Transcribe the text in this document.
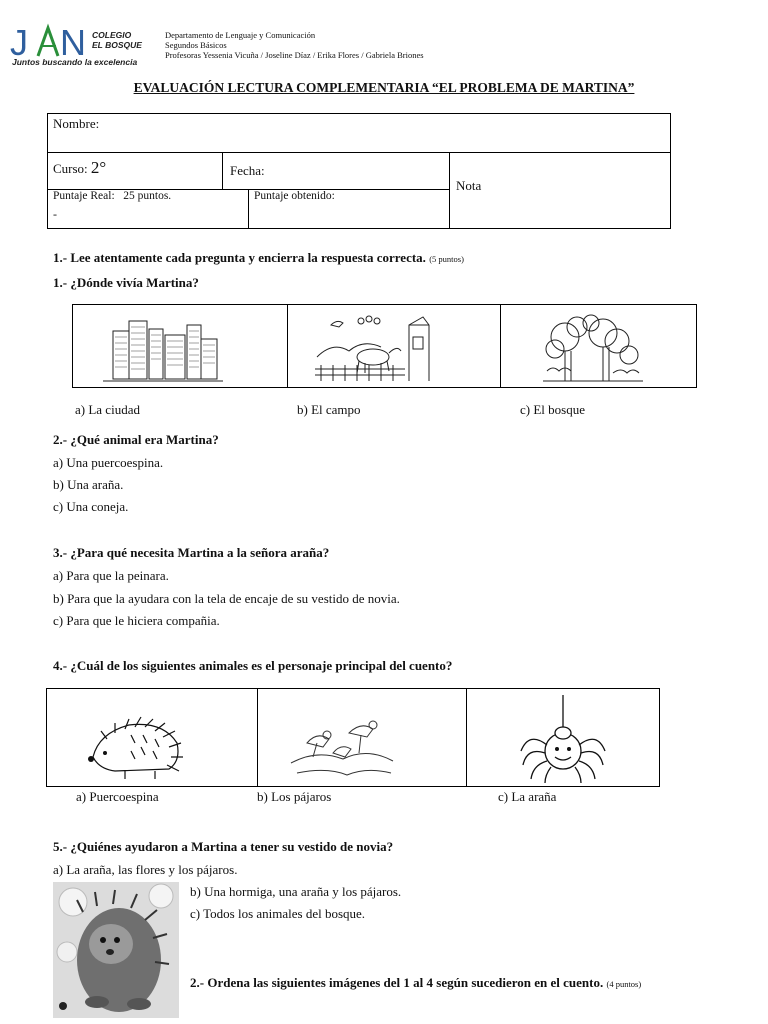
J N COLEGIO
EL BOSQUE
Juntos buscando la excelencia
Departamento de Lenguaje y Comunicación
Segundos Básicos
Profesoras Yessenia Vicuña / Joseline Díaz / Erika Flores / Gabriela Briones
EVALUACIÓN LECTURA COMPLEMENTARIA “EL PROBLEMA DE MARTINA”
Nombre:
Curso: 2°	Fecha:
Nota
Puntaje Real: 25 puntos.
-
Puntaje obtenido:
1.- Lee atentamente cada pregunta y encierra la respuesta correcta. (5 puntos)
1.- ¿Dónde vivía Martina?
a) La ciudad	b) El campo	c) El bosque
2.- ¿Qué animal era Martina?
a) Una puercoespina.
b) Una araña.
c) Una coneja.
3.- ¿Para qué necesita Martina a la señora araña?
a) Para que la peinara.
b) Para que la ayudara con la tela de encaje de su vestido de novia.
c) Para que le hiciera compañia.
4.- ¿Cuál de los siguientes animales es el personaje principal del cuento?
a) Puercoespina	b) Los pájaros	c) La araña
5.- ¿Quiénes ayudaron a Martina a tener su vestido de novia?
a) La araña, las flores y los pájaros.
b) Una hormiga, una araña y los pájaros.
c) Todos los animales del bosque.
2.- Ordena las siguientes imágenes del 1 al 4 según sucedieron en el cuento. (4 puntos)
